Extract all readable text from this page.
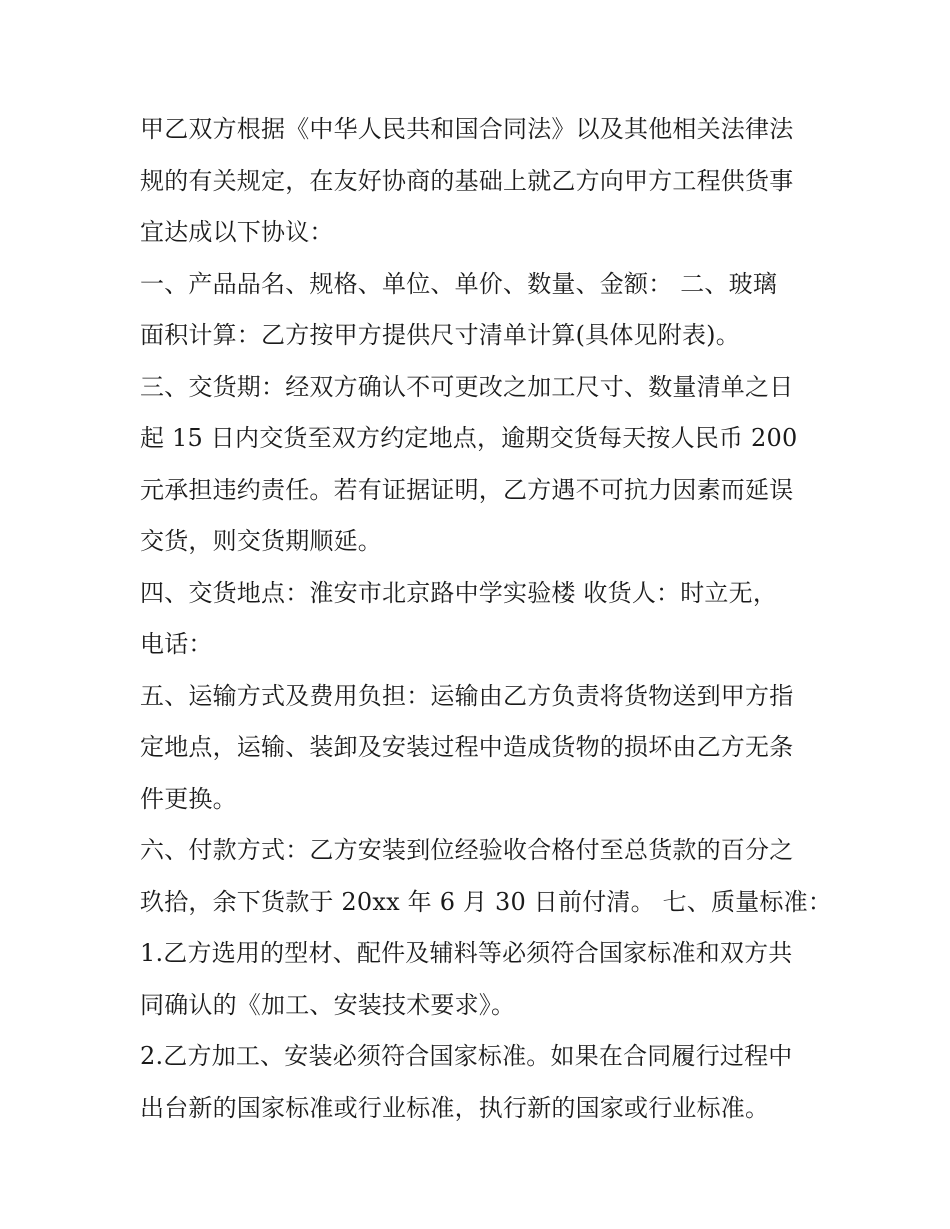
甲乙双方根据《中华人民共和国合同法》以及其他相关法律法
规的有关规定，在友好协商的基础上就乙方向甲方工程供货事
宜达成以下协议：
一、产品品名、规格、单位、单价、数量、金额： 二、玻璃
面积计算：乙方按甲方提供尺寸清单计算(具体见附表)。
三、交货期：经双方确认不可更改之加工尺寸、数量清单之日
起 15 日内交货至双方约定地点，逾期交货每天按人民币 200
元承担违约责任。若有证据证明，乙方遇不可抗力因素而延误
交货，则交货期顺延。
四、交货地点：淮安市北京路中学实验楼 收货人：时立无，
电话：
五、运输方式及费用负担：运输由乙方负责将货物送到甲方指
定地点，运输、装卸及安装过程中造成货物的损坏由乙方无条
件更换。
六、付款方式：乙方安装到位经验收合格付至总货款的百分之
玖拾，余下货款于 20xx 年 6 月 30 日前付清。 七、质量标准：
1.乙方选用的型材、配件及辅料等必须符合国家标准和双方共
同确认的《加工、安装技术要求》。
2.乙方加工、安装必须符合国家标准。如果在合同履行过程中
出台新的国家标准或行业标准，执行新的国家或行业标准。
